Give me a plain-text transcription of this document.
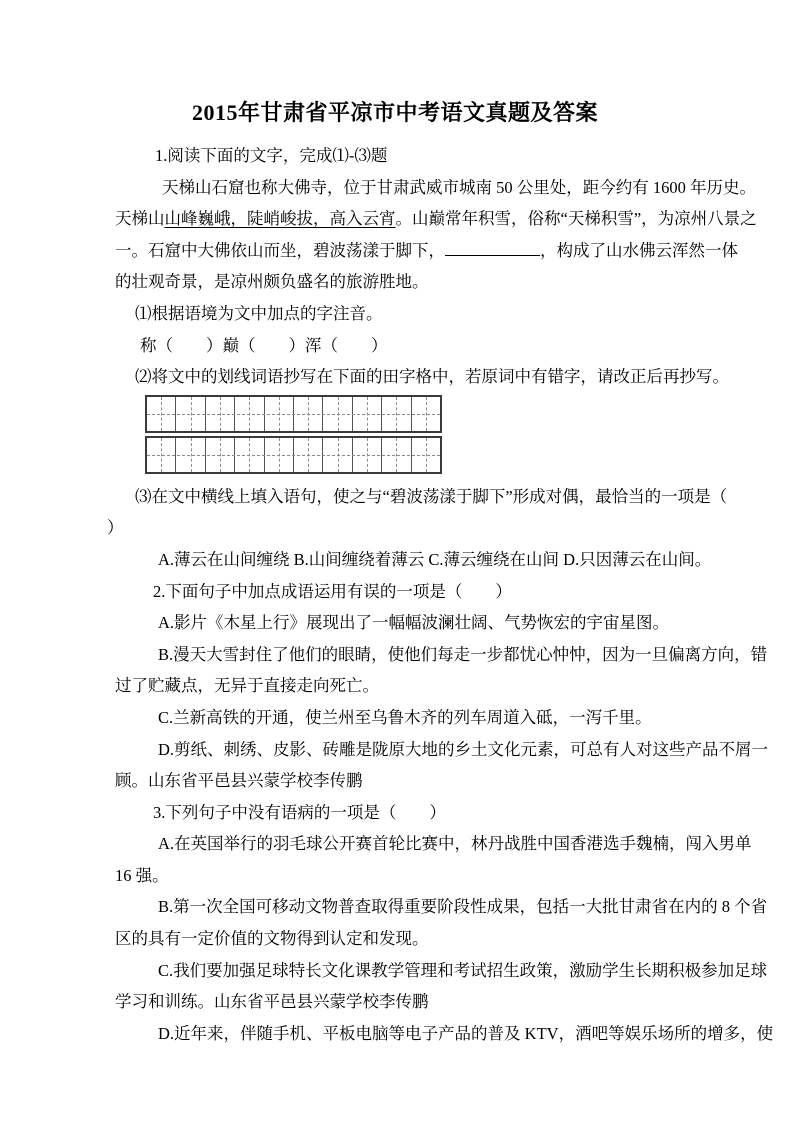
2015年甘肃省平凉市中考语文真题及答案
1.阅读下面的文字，完成⑴-⑶题
天梯山石窟也称大佛寺，位于甘肃武威市城南 50 公里处，距今约有 1600 年历史。
天梯山山峰巍峨，陡峭峻拔，高入云宵。山巅常年积雪，俗称“天梯积雪”，为凉州八景之
一。石窟中大佛依山而坐，碧波荡漾于脚下，	，构成了山水佛云浑然一体
的壮观奇景，是凉州颇负盛名的旅游胜地。
⑴根据语境为文中加点的字注音。
称（　　）巅（　　）浑（　　）
⑵将文中的划线词语抄写在下面的田字格中，若原词中有错字，请改正后再抄写。
⑶在文中横线上填入语句，使之与“碧波荡漾于脚下”形成对偶，最恰当的一项是（
）
A.薄云在山间缠绕 B.山间缠绕着薄云 C.薄云缠绕在山间 D.只因薄云在山间。
2.下面句子中加点成语运用有误的一项是（　　）
A.影片《木星上行》展现出了一幅幅波澜壮阔、气势恢宏的宇宙星图。
B.漫天大雪封住了他们的眼睛，使他们每走一步都忧心忡忡，因为一旦偏离方向，错
过了贮藏点，无异于直接走向死亡。
C.兰新高铁的开通，使兰州至乌鲁木齐的列车周道入砥，一泻千里。
D.剪纸、刺绣、皮影、砖雕是陇原大地的乡土文化元素，可总有人对这些产品不屑一
顾。山东省平邑县兴蒙学校李传鹏
3.下列句子中没有语病的一项是（　　）
A.在英国举行的羽毛球公开赛首轮比赛中，林丹战胜中国香港选手魏楠，闯入男单
16 强。
B.第一次全国可移动文物普查取得重要阶段性成果，包括一大批甘肃省在内的 8 个省
区的具有一定价值的文物得到认定和发现。
C.我们要加强足球特长文化课教学管理和考试招生政策，激励学生长期积极参加足球
学习和训练。山东省平邑县兴蒙学校李传鹏
D.近年来，伴随手机、平板电脑等电子产品的普及 KTV，酒吧等娱乐场所的增多，使
